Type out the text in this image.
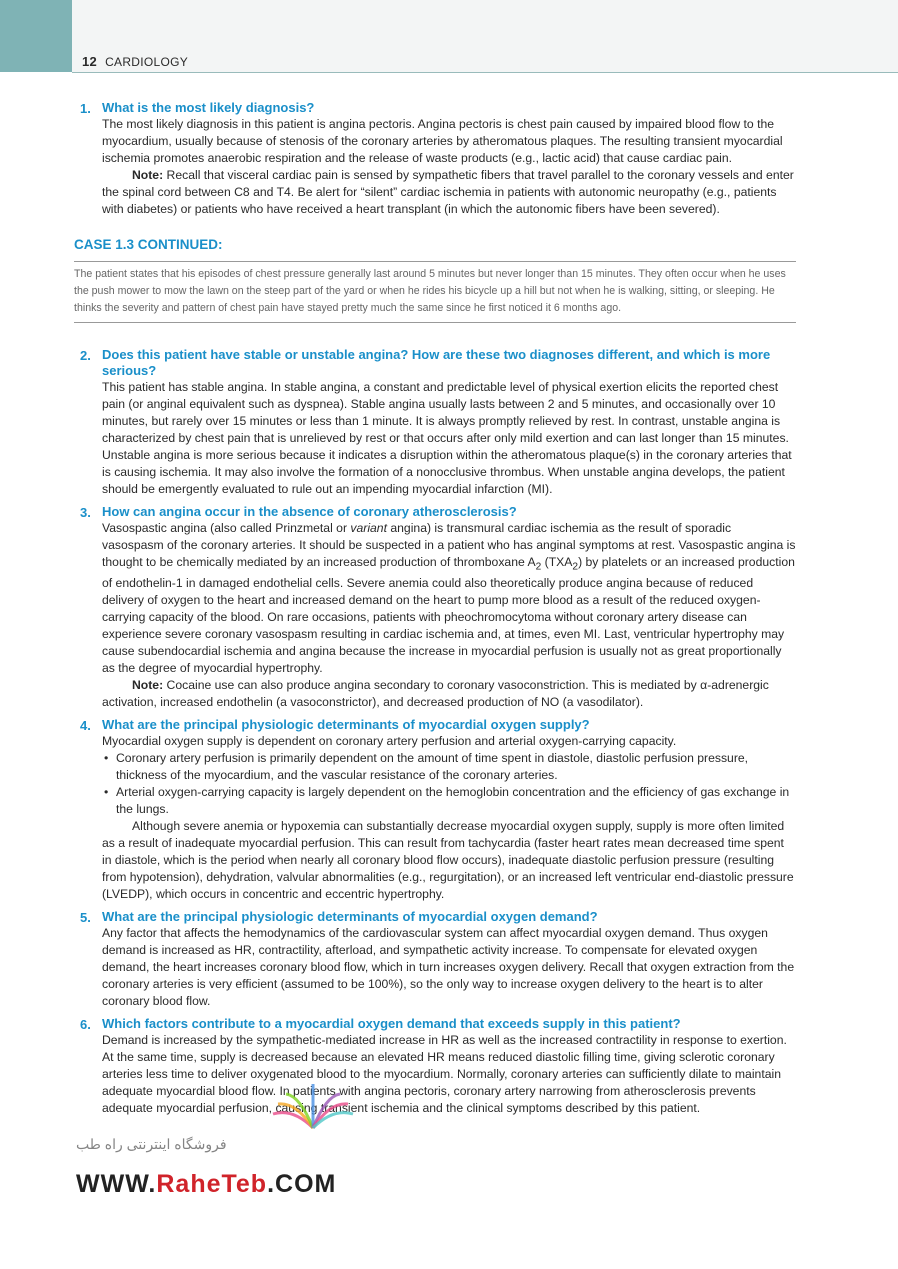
12 CARDIOLOGY
1. What is the most likely diagnosis?

The most likely diagnosis in this patient is angina pectoris. Angina pectoris is chest pain caused by impaired blood flow to the myocardium, usually because of stenosis of the coronary arteries by atheromatous plaques. The resulting transient myocardial ischemia promotes anaerobic respiration and the release of waste products (e.g., lactic acid) that cause cardiac pain.

Note: Recall that visceral cardiac pain is sensed by sympathetic fibers that travel parallel to the coronary vessels and enter the spinal cord between C8 and T4. Be alert for “silent” cardiac ischemia in patients with autonomic neuropathy (e.g., patients with diabetes) or patients who have received a heart transplant (in which the autonomic fibers have been severed).

CASE 1.3 CONTINUED:
The patient states that his episodes of chest pressure generally last around 5 minutes but never longer than 15 minutes. They often occur when he uses the push mower to mow the lawn on the steep part of the yard or when he rides his bicycle up a hill but not when he is walking, sitting, or sleeping. He thinks the severity and pattern of chest pain have stayed pretty much the same since he first noticed it 6 months ago.
2. Does this patient have stable or unstable angina? How are these two diagnoses different, and which is more serious?

This patient has stable angina. In stable angina, a constant and predictable level of physical exertion elicits the reported chest pain (or anginal equivalent such as dyspnea). Stable angina usually lasts between 2 and 5 minutes, and occasionally over 10 minutes, but rarely over 15 minutes or less than 1 minute. It is always promptly relieved by rest. In contrast, unstable angina is characterized by chest pain that is unrelieved by rest or that occurs after only mild exertion and can last longer than 15 minutes. Unstable angina is more serious because it indicates a disruption within the atheromatous plaque(s) in the coronary arteries that is causing ischemia. It may also involve the formation of a nonocclusive thrombus. When unstable angina develops, the patient should be emergently evaluated to rule out an impending myocardial infarction (MI).

3. How can angina occur in the absence of coronary atherosclerosis?

Vasospastic angina (also called Prinzmetal or variant angina) is transmural cardiac ischemia as the result of sporadic vasospasm of the coronary arteries. It should be suspected in a patient who has anginal symptoms at rest. Vasospastic angina is thought to be chemically mediated by an increased production of thromboxane $A_2$ $(TXA_2)$ by platelets or an increased production of endothelin-1 in damaged endothelial cells. Severe anemia could also theoretically produce angina because of reduced delivery of oxygen to the heart and increased demand on the heart to pump more blood as a result of the reduced oxygen-carrying capacity of the blood. On rare occasions, patients with pheochromocytoma without coronary artery disease can experience severe coronary vasospasm resulting in cardiac ischemia and, at times, even MI. Last, ventricular hypertrophy may cause subendocardial ischemia and angina because the increase in myocardial perfusion is usually not as great proportionally as the degree of myocardial hypertrophy.

Note: Cocaine use can also produce angina secondary to coronary vasoconstriction. This is mediated by α-adrenergic activation, increased endothelin (a vasoconstrictor), and decreased production of NO (a vasodilator).

4. What are the principal physiologic determinants of myocardial oxygen supply?

Myocardial oxygen supply is dependent on coronary artery perfusion and arterial oxygen-carrying capacity.

• Coronary artery perfusion is primarily dependent on the amount of time spent in diastole, diastolic perfusion pressure, thickness of the myocardium, and the vascular resistance of the coronary arteries.
• Arterial oxygen-carrying capacity is largely dependent on the hemoglobin concentration and the efficiency of gas exchange in the lungs.

Although severe anemia or hypoxemia can substantially decrease myocardial oxygen supply, supply is more often limited as a result of inadequate myocardial perfusion. This can result from tachycardia (faster heart rates mean decreased time spent in diastole, which is the period when nearly all coronary blood flow occurs), inadequate diastolic perfusion pressure (resulting from hypotension), dehydration, valvular abnormalities (e.g., regurgitation), or an increased left ventricular end-diastolic pressure (LVEDP), which occurs in concentric and eccentric hypertrophy.

5. What are the principal physiologic determinants of myocardial oxygen demand?

Any factor that affects the hemodynamics of the cardiovascular system can affect myocardial oxygen demand. Thus oxygen demand is increased as HR, contractility, afterload, and sympathetic activity increase. To compensate for elevated oxygen demand, the heart increases coronary blood flow, which in turn increases oxygen delivery. Recall that oxygen extraction from the coronary arteries is very efficient (assumed to be 100%), so the only way to increase oxygen delivery to the heart is to alter coronary blood flow.

6. Which factors contribute to a myocardial oxygen demand that exceeds supply in this patient?

Demand is increased by the sympathetic-mediated increase in HR as well as the increased contractility in response to exertion. At the same time, supply is decreased because an elevated HR means reduced diastolic filling time, giving sclerotic coronary arteries less time to deliver oxygenated blood to the myocardium. Normally, coronary arteries can sufficiently dilate to maintain adequate myocardial blood flow. In patients with angina pectoris, coronary artery narrowing from atherosclerosis prevents adequate myocardial perfusion, causing transient ischemia and the clinical symptoms described by this patient.

فروشگاه اینترنتی راه طب
WWW.RaheTeb.COM
